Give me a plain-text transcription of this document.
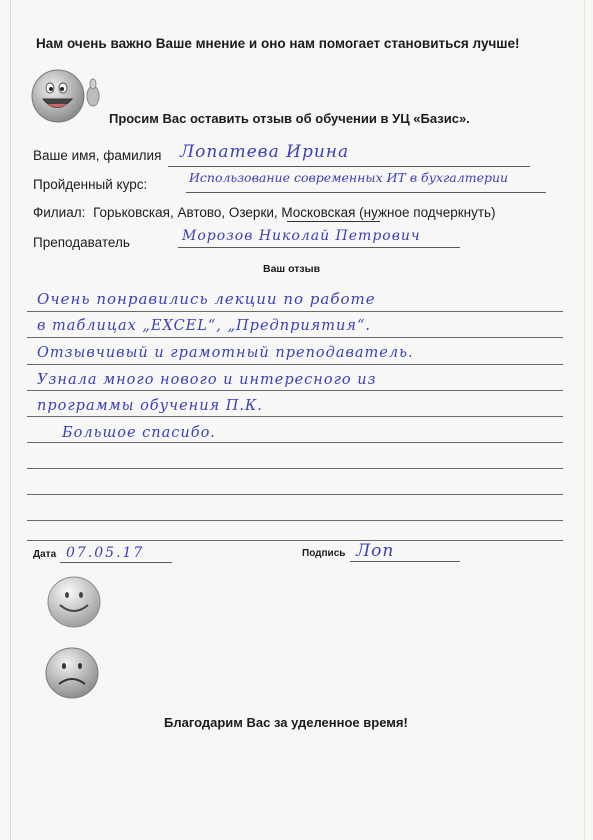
Нам очень важно Ваше мнение и оно нам помогает становиться лучше!
Просим Вас оставить отзыв об обучении в УЦ «Базис».
Ваше имя, фамилия Лопатева Ирина
Пройденный курс:	Использование современных ИТ в бухгалтерии
Филиал: Горьковская, Автово, Озерки, Московская (нужное подчеркнуть)
Преподаватель	Морозов Николай Петрович
Ваш отзыв
Очень понравились лекции по работе
в таблицах „EXCEL“, „Предприятия“.
Отзывчивый и грамотный преподаватель.
Узнала много нового и интересного из
программы обучения П.К.
Большое спасибо.
Дата 07.05.17	Подпись Лоп
Благодарим Вас за уделенное время!
